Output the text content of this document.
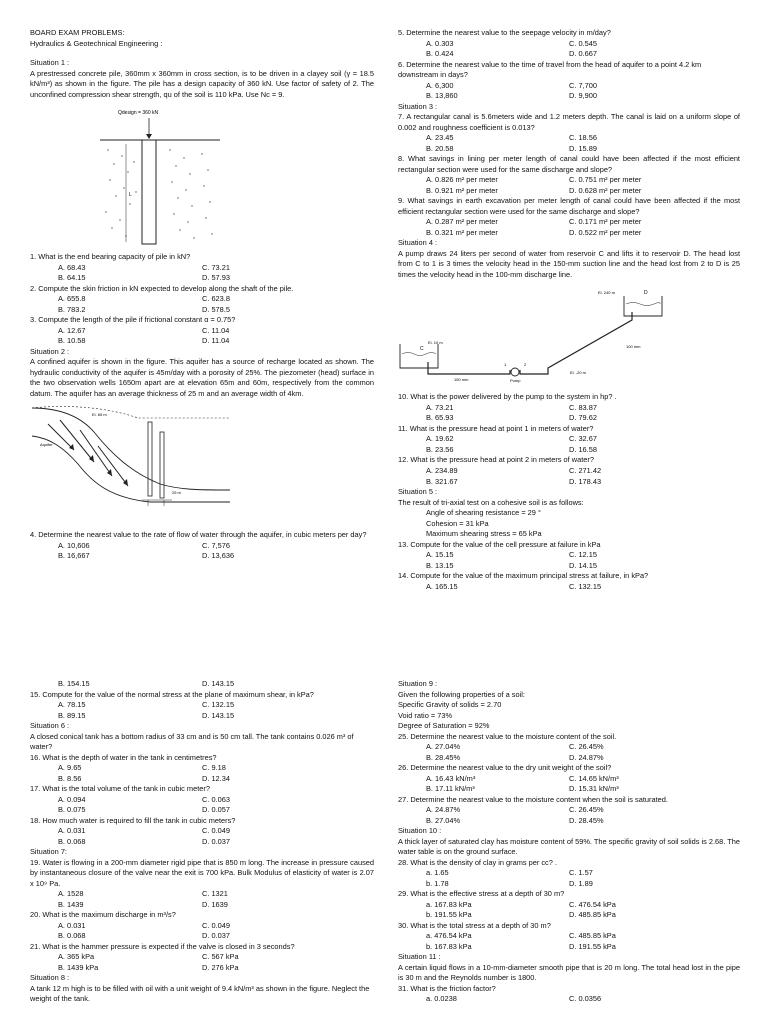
BOARD EXAM PROBLEMS:

Hydraulics & Geotechnical Engineering :

Situation 1 :

A prestressed concrete pile, 360mm x 360mm in cross section, is to be driven in a clayey soil (γ = 18.5 kN/m³) as shown in the figure. The pile has a design capacity of 360 kN. Use factor of safety of 2. The unconfined compression shear strength, qu of the soil is 110 kPa. Use Nc = 9.

Qdesign = 360 kN
L

1. What is the end bearing capacity of pile in kN?

A. 68.43	C. 73.21
B. 64.15	D. 57.93

2. Compute the skin friction in kN expected to develop along the shaft of the pile.

A. 655.8	C. 623.8
B. 783.2	D. 578.5

3. Compute the length of the pile if frictional constant α = 0.75?

A. 12.67	C. 11.04
B. 10.58	D. 11.04

Situation 2 :

A confined aquifer is shown in the figure. This aquifer has a source of recharge located as shown. The hydraulic conductivity of the aquifer is 45m/day with a porosity of 25%. The piezometer (head) surface in the two observation wells 1650m apart are at elevation 65m and 60m, respectively from the common datum. The aquifer has an average thickness of 25 m and an average width of 4km.

El. 65 m
Aquifer
25 m

4. Determine the nearest value to the rate of flow of water through the aquifer, in cubic meters per day?

A. 10,606	C. 7,576
B. 16,667	D. 13,636

5. Determine the nearest value to the seepage velocity in m/day?

A. 0.303	C. 0.545
B. 0.424	D. 0.667

6. Determine the nearest value to the time of travel from the head of aquifer to a point 4.2 km downstream in days?

A. 6,300	C. 7,700
B. 13,860	D. 9,900

Situation 3 :

7. A rectangular canal is 5.6meters wide and 1.2 meters depth. The canal is laid on a uniform slope of 0.002 and roughness coefficient is 0.013?

A. 23.45	C. 18.56
B. 20.58	D. 15.89

8. What savings in lining per meter length of canal could have been affected if the most efficient rectangular section were used for the same discharge and slope?

A. 0.826 m² per meter	C. 0.751 m² per meter
B. 0.921 m² per meter	D. 0.628 m² per meter

9. What savings in earth excavation per meter length of canal could have been affected if the most efficient rectangular section were used for the same discharge and slope?

A. 0.287 m² per meter	C. 0.171 m² per meter
B. 0.321 m² per meter	D. 0.522 m² per meter

Situation 4 :

A pump draws 24 liters per second of water from reservoir C and lifts it to reservoir D. The head lost from C to 1 is 3 times the velocity head in the 150-mm suction line and the head lost from 2 to D is 25 times the velocity head in the 100-mm discharge line.

D
El. 240 m
C
El. 10 m
150 mm
1	2
Pump
100 mm
El. -20 m

10. What is the power delivered by the pump to the system in hp? .

A. 73.21	C. 83.87
B. 65.93	D. 79.62

11. What is the pressure head at point 1 in meters of water?

A. 19.62	C. 32.67
B. 23.56	D. 16.58

12. What is the pressure head at point 2 in meters of water?

A. 234.89	C. 271.42
B. 321.67	D. 178.43

Situation 5 :

The result of tri-axial test on a cohesive soil is as follows:

Angle of shearing resistance = 29 °

Cohesion = 31 kPa

Maximum shearing stress = 65 kPa

13. Compute for the value of the cell pressure at failure in kPa

A. 15.15	C. 12.15
B. 13.15	D. 14.15

14. Compute for the value of the maximum principal stress at failure, in kPa?

A. 165.15	C. 132.15
B. 154.15	D. 143.15

15. Compute for the value of the normal stress at the plane of maximum shear, in kPa?

A. 78.15	C. 132.15
B. 89.15	D. 143.15

Situation 6 :

A closed conical tank has a bottom radius of 33 cm and is 50 cm tall. The tank contains 0.026 m³ of water?

16. What is the depth of water in the tank in centimetres?

A. 9.65	C. 9.18
B. 8.56	D. 12.34

17. What is the total volume of the tank in cubic meter?

A. 0.094	C. 0.063
B. 0.075	D. 0.057

18. How much water is required to fill the tank in cubic meters?

A. 0.031	C. 0.049
B. 0.068	D. 0.037

Situation 7:

19. Water is flowing in a 200-mm diameter rigid pipe that is 850 m long. The increase in pressure caused by instantaneous closure of the valve near the exit is 700 kPa. Bulk Modulus of elasticity of water is 2.07 x 10⁹ Pa.

A. 1528	C. 1321
B. 1439	D. 1639

20. What is the maximum discharge in m³/s?

A. 0.031	C. 0.049
B. 0.068	D. 0.037

21. What is the hammer pressure is expected if the valve is closed in 3 seconds?

A. 365 kPa	C. 567 kPa
B. 1439 kPa	D. 276 kPa

Situation 8 :

A tank 12 m high is to be filled with oil with a unit weight of 9.4 kN/m³ as shown in the figure. Neglect the weight of the tank.

Situation 9 :

Given the following properties of a soil:

Specific Gravity of solids = 2.70

Void ratio = 73%

Degree of Saturation = 92%

25. Determine the nearest value to the moisture content of the soil.

A. 27.04%	C. 26.45%
B. 28.45%	D. 24.87%

26. Determine the nearest value to the dry unit weight of the soil?

A. 16.43 kN/m³	C. 14.65 kN/m³
B. 17.11 kN/m³	D. 15.31 kN/m³

27. Determine the nearest value to the moisture content when the soil is saturated.

A. 24.87%	C. 26.45%
B. 27.04%	D. 28.45%

Situation 10 :

A thick layer of saturated clay has moisture content of 59%. The specific gravity of soil solids is 2.68. The water table is on the ground surface.

28. What is the density of clay in grams per cc? .

a. 1.65	C. 1.57
b. 1.78	D. 1.89

29. What is the effective stress at a depth of 30 m?

a. 167.83 kPa	C. 476.54 kPa
b. 191.55 kPa	D. 485.85 kPa

30. What is the total stress at a depth of 30 m?

a. 476.54 kPa	C. 485.85 kPa
b. 167.83 kPa	D. 191.55 kPa

Situation 11 :

A certain liquid flows in a 10-mm-diameter smooth pipe that is 20 m long. The total head lost in the pipe is 30 m and the Reynolds number is 1800.

31. What is the friction factor?

a. 0.0238	C. 0.0356
